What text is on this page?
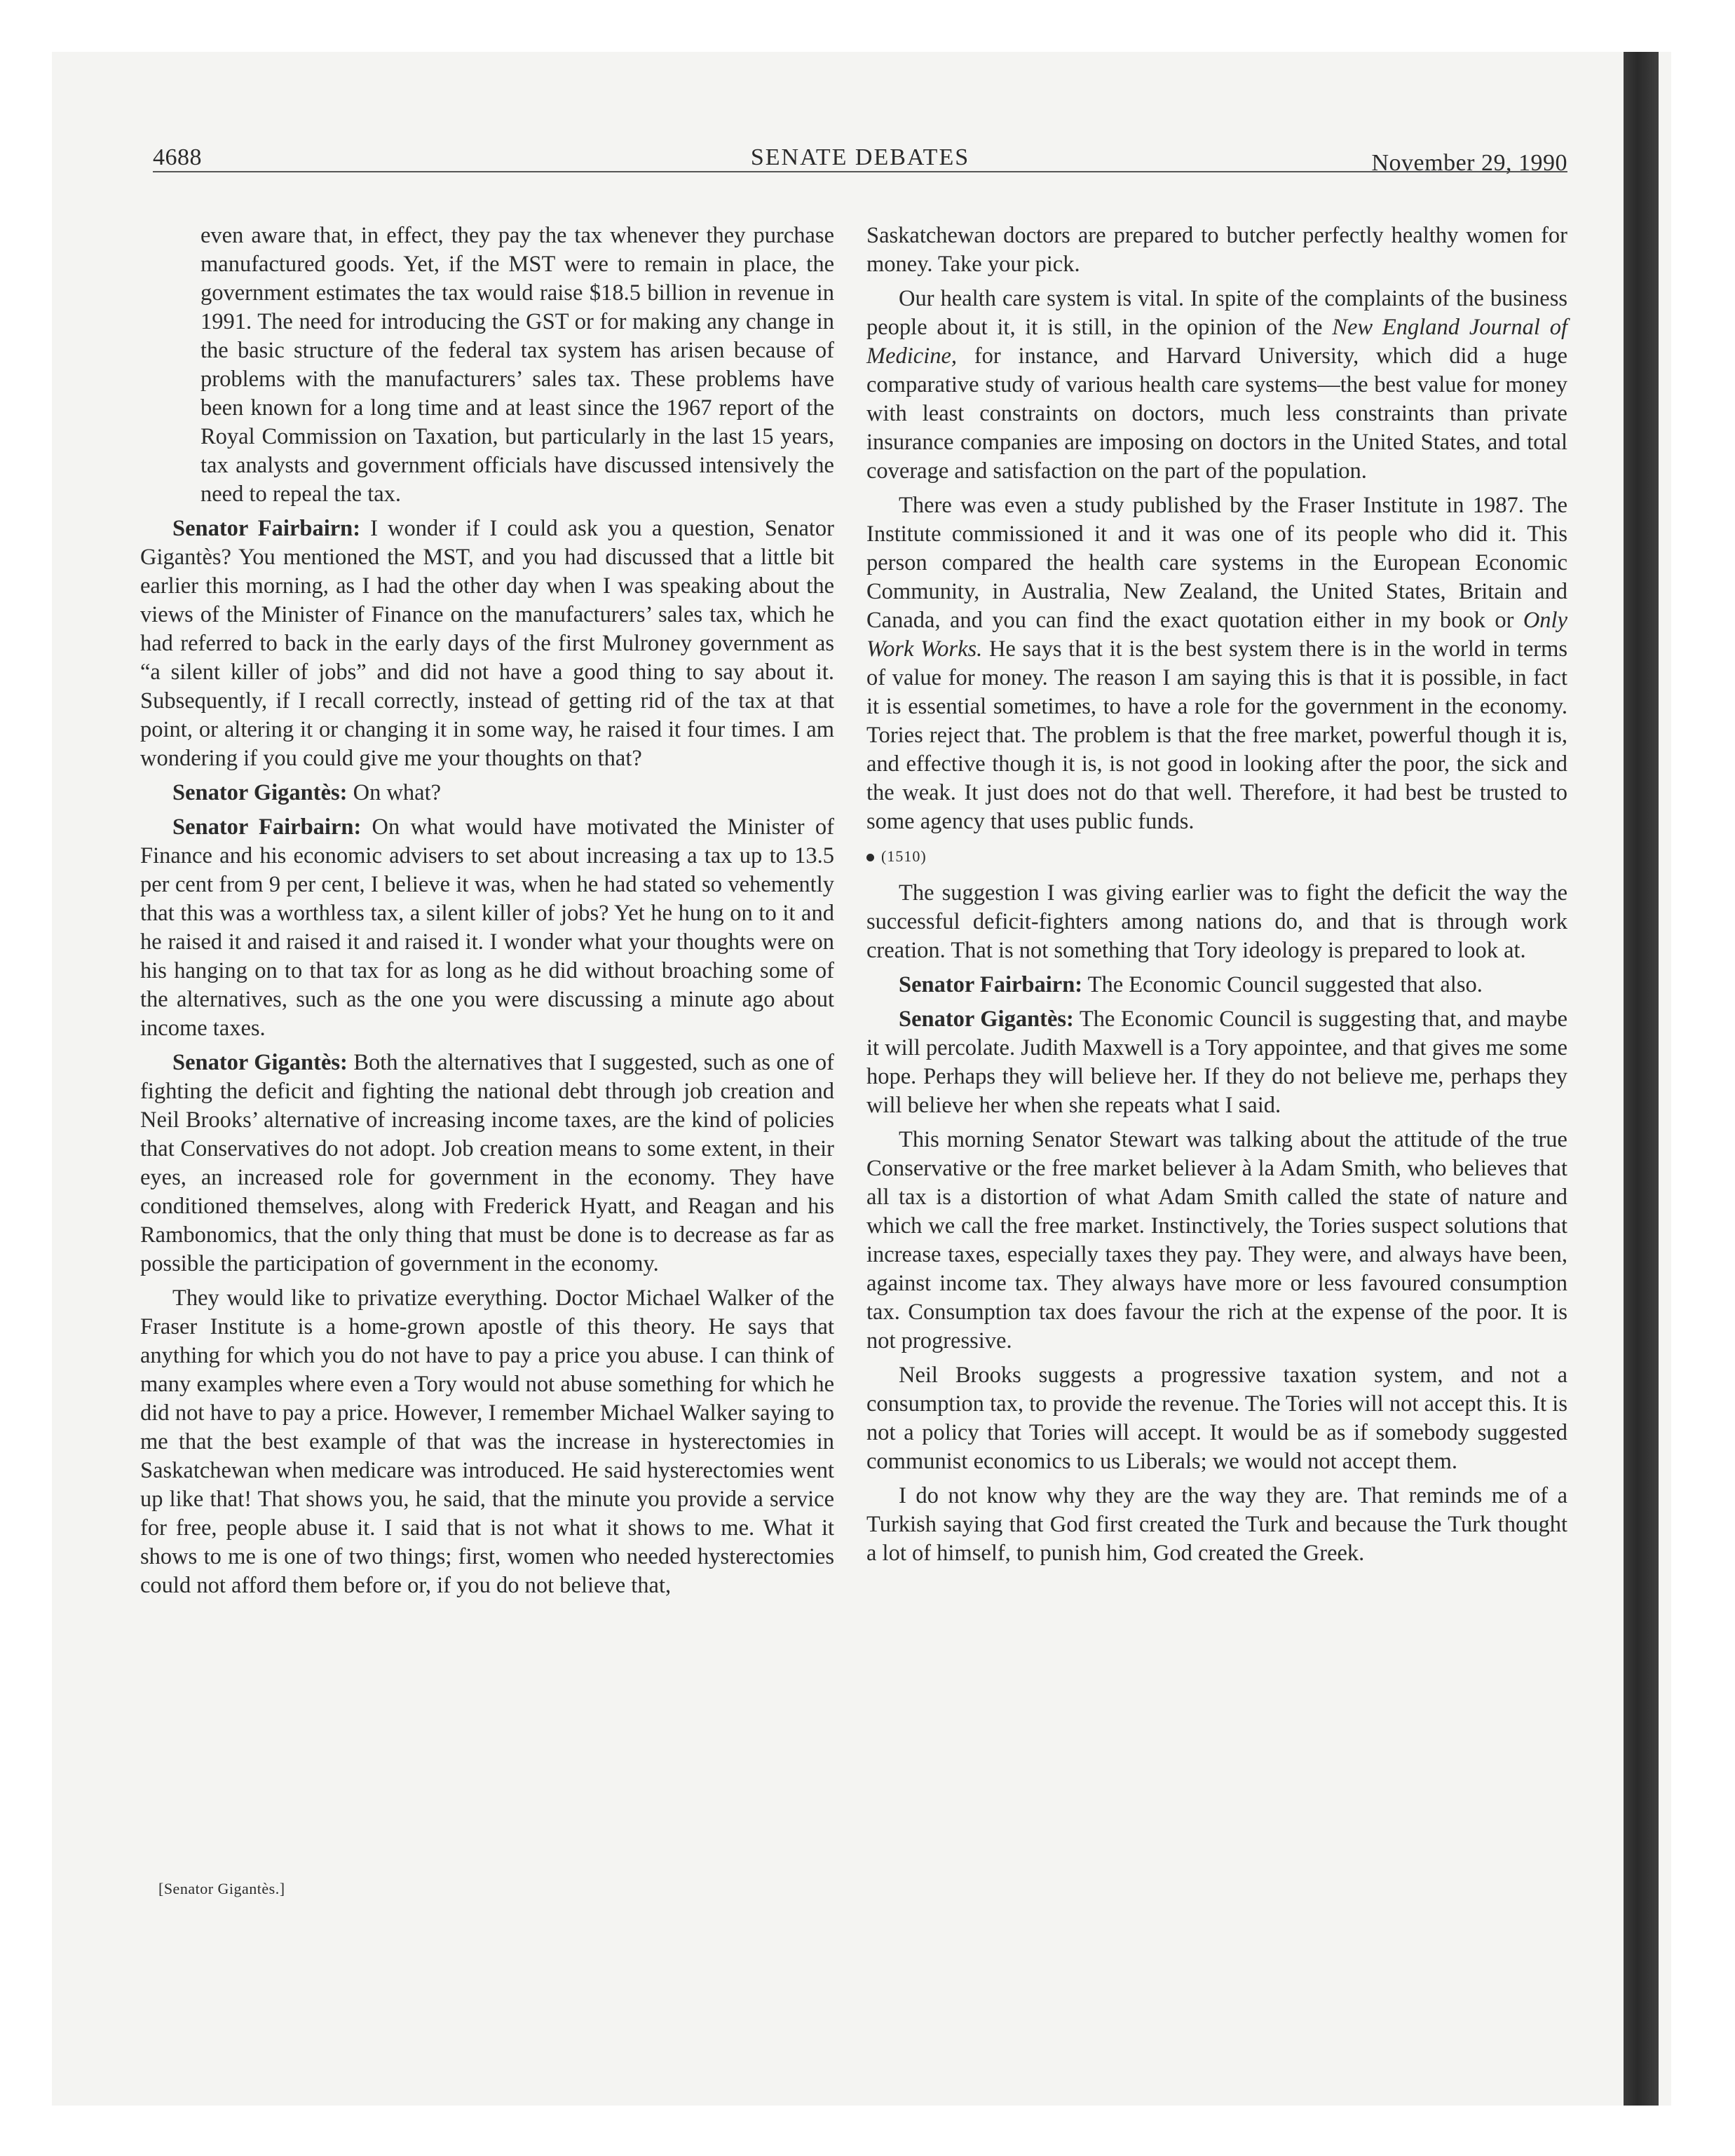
4688	SENATE DEBATES	November 29, 1990

even aware that, in effect, they pay the tax whenever they purchase manufactured goods. Yet, if the MST were to remain in place, the government estimates the tax would raise $18.5 billion in revenue in 1991. The need for introducing the GST or for making any change in the basic structure of the federal tax system has arisen because of problems with the manufacturers’ sales tax. These problems have been known for a long time and at least since the 1967 report of the Royal Commission on Taxation, but particularly in the last 15 years, tax analysts and government officials have discussed intensively the need to repeal the tax.

Senator Fairbairn: I wonder if I could ask you a question, Senator Gigantès? You mentioned the MST, and you had discussed that a little bit earlier this morning, as I had the other day when I was speaking about the views of the Minister of Finance on the manufacturers’ sales tax, which he had referred to back in the early days of the first Mulroney government as “a silent killer of jobs” and did not have a good thing to say about it. Subsequently, if I recall correctly, instead of getting rid of the tax at that point, or altering it or changing it in some way, he raised it four times. I am wondering if you could give me your thoughts on that?

Senator Gigantès: On what?

Senator Fairbairn: On what would have motivated the Minister of Finance and his economic advisers to set about increasing a tax up to 13.5 per cent from 9 per cent, I believe it was, when he had stated so vehemently that this was a worthless tax, a silent killer of jobs? Yet he hung on to it and he raised it and raised it and raised it. I wonder what your thoughts were on his hanging on to that tax for as long as he did without broaching some of the alternatives, such as the one you were discussing a minute ago about income taxes.

Senator Gigantès: Both the alternatives that I suggested, such as one of fighting the deficit and fighting the national debt through job creation and Neil Brooks’ alternative of increasing income taxes, are the kind of policies that Conservatives do not adopt. Job creation means to some extent, in their eyes, an increased role for government in the economy. They have conditioned themselves, along with Frederick Hyatt, and Reagan and his Rambonomics, that the only thing that must be done is to decrease as far as possible the participation of government in the economy.

They would like to privatize everything. Doctor Michael Walker of the Fraser Institute is a home-grown apostle of this theory. He says that anything for which you do not have to pay a price you abuse. I can think of many examples where even a Tory would not abuse something for which he did not have to pay a price. However, I remember Michael Walker saying to me that the best example of that was the increase in hysterectomies in Saskatchewan when medicare was introduced. He said hysterectomies went up like that! That shows you, he said, that the minute you provide a service for free, people abuse it. I said that is not what it shows to me. What it shows to me is one of two things; first, women who needed hysterectomies could not afford them before or, if you do not believe that,

Saskatchewan doctors are prepared to butcher perfectly healthy women for money. Take your pick.

Our health care system is vital. In spite of the complaints of the business people about it, it is still, in the opinion of the New England Journal of Medicine, for instance, and Harvard University, which did a huge comparative study of various health care systems—the best value for money with least constraints on doctors, much less constraints than private insurance companies are imposing on doctors in the United States, and total coverage and satisfaction on the part of the population.

There was even a study published by the Fraser Institute in 1987. The Institute commissioned it and it was one of its people who did it. This person compared the health care systems in the European Economic Community, in Australia, New Zealand, the United States, Britain and Canada, and you can find the exact quotation either in my book or Only Work Works. He says that it is the best system there is in the world in terms of value for money. The reason I am saying this is that it is possible, in fact it is essential sometimes, to have a role for the government in the economy. Tories reject that. The problem is that the free market, powerful though it is, and effective though it is, is not good in looking after the poor, the sick and the weak. It just does not do that well. Therefore, it had best be trusted to some agency that uses public funds.

(1510)

The suggestion I was giving earlier was to fight the deficit the way the successful deficit-fighters among nations do, and that is through work creation. That is not something that Tory ideology is prepared to look at.

Senator Fairbairn: The Economic Council suggested that also.

Senator Gigantès: The Economic Council is suggesting that, and maybe it will percolate. Judith Maxwell is a Tory appointee, and that gives me some hope. Perhaps they will believe her. If they do not believe me, perhaps they will believe her when she repeats what I said.

This morning Senator Stewart was talking about the attitude of the true Conservative or the free market believer à la Adam Smith, who believes that all tax is a distortion of what Adam Smith called the state of nature and which we call the free market. Instinctively, the Tories suspect solutions that increase taxes, especially taxes they pay. They were, and always have been, against income tax. They always have more or less favoured consumption tax. Consumption tax does favour the rich at the expense of the poor. It is not progressive.

Neil Brooks suggests a progressive taxation system, and not a consumption tax, to provide the revenue. The Tories will not accept this. It is not a policy that Tories will accept. It would be as if somebody suggested communist economics to us Liberals; we would not accept them.

I do not know why they are the way they are. That reminds me of a Turkish saying that God first created the Turk and because the Turk thought a lot of himself, to punish him, God created the Greek.

[Senator Gigantès.]
